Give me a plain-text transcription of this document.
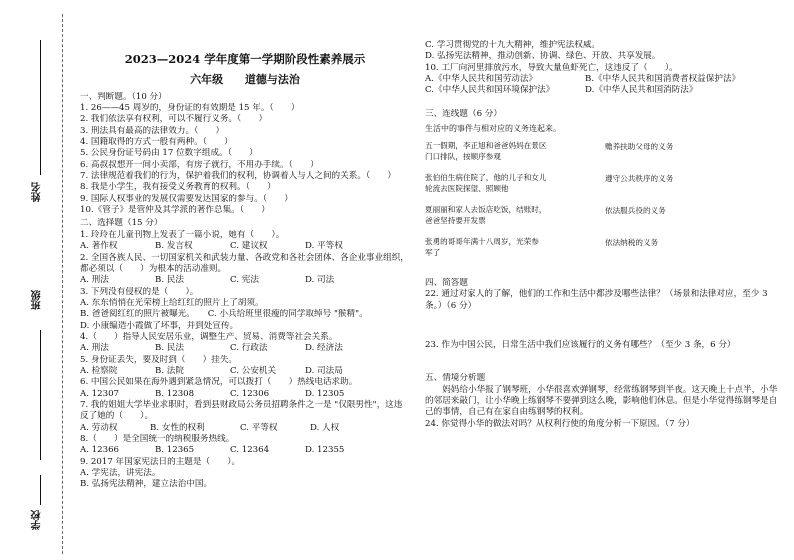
姓名
班级
学校
2023—2024 学年度第一学期阶段性素养展示
六年级 道德与法治
一、判断题。（10 分）
1. 26——45 周岁的，身份证的有效期是 15 年。（　　）
2. 我们依法享有权利，可以不履行义务。（　　）
3. 刑法具有最高的法律效力。（　　）
4. 国籍取得的方式一般有两种。（　　）
5. 公民身份证号码由 17 位数字组成。（　　）
6. 高叔叔想开一间小卖部，有房子就行，不用办手续。（　　）
7. 法律规范着我们的行为，保护着我们的权利，协调着人与人之间的关系。（　　）
8. 我是小学生，我有接受义务教育的权利。（　　）
9. 国际人权事业的发展仅需要发达国家的参与。（　　）
10.《管子》是管仲及其学派的著作总集。（　　）
二、选择题（15 分）
1. 玲玲在儿童刊物上发表了一篇小说，她有（　　）。
A. 著作权	B. 发言权	C. 建议权	D. 平等权
2. 全国各族人民、一切国家机关和武装力量、各政党和各社会团体、各企业事业组织，都必须以（　　）为根本的活动准则。
A. 刑法	B. 民法	C. 宪法	D. 司法
3. 下列没有侵权的是（　　）。
A. 东东悄悄在光荣榜上给红红的照片上了胡须。
B. 爸爸阅红红的照片被曝光。　　C. 小兵给班里很瘦的同学取绰号 "猴精"。
D. 小康编造小霞做了坏事，并到处宣传。
4.（　　）指导人民安居乐业，调整生产、贸易、消费等社会关系。
A. 刑法	B. 民法	C. 行政法	D. 经济法
5. 身份证丢失，要及时到（　　）挂失。
A. 检察院	B. 法院	C. 公安机关	D. 司法局
6. 中国公民如果在海外遇到紧急情况，可以拨打（　　）热线电话求助。
A. 12307	B. 12308	C. 12306	D. 12305
7. 我的姐姐大学毕业求职时，看到县财政局公务员招聘条件之一是 "仅限男性"，这违反了她的（　　）。
A. 劳动权	B. 女性的权利	C. 平等权	D. 人权
8.（　　）是全国统一的纳税服务热线。
A. 12366	B. 12365	C. 12364	D. 12355
9. 2017 年国家宪法日的主题是（　　）。
A. 学宪法，讲宪法。
B. 弘扬宪法精神，建立法治中国。
C. 学习贯彻党的十九大精神，维护宪法权威。
D. 弘扬宪法精神，推动创新、协调、绿色、开放、共享发展。
10. 工厂向河里排放污水，导致大量鱼虾死亡，这违反了（　　）。
A.《中华人民共和国劳动法》	B.《中华人民共和国消费者权益保护法》
C.《中华人民共和国环境保护法》	D.《中华人民共和国消防法》
三、连线题（6 分）
生活中的事件与相对应的义务连起来。
五一假期，李正旭和爸爸妈妈在景区
门口排队，按顺序参观
张伯伯生病住院了，他的儿子和女儿
轮流去医院探望、照顾他
夏丽丽和家人去饭店吃饭，结账时，
爸爸坚持要开发票
张勇的哥哥年满十八周岁，光荣参
军了
赡养扶助父母的义务
遵守公共秩序的义务
依法服兵役的义务
依法纳税的义务
四、简答题
22. 通过对家人的了解，他们的工作和生活中都涉及哪些法律？（场景和法律对应，至少 3 条。）（6 分）
23. 作为中国公民，日常生活中我们应该履行的义务有哪些？（至少 3 条，6 分）
五、情境分析题
妈妈给小华报了钢琴班，小华很喜欢弹钢琴，经常练钢琴到半夜。这天晚上十点半，小华的邻居来敲门，让小华晚上练钢琴不要弹到这么晚，影响他们休息。但是小华觉得练钢琴是自己的事情，自己有在家自由练钢琴的权利。
24. 你觉得小华的做法对吗？从权利行使的角度分析一下原因。（7 分）
